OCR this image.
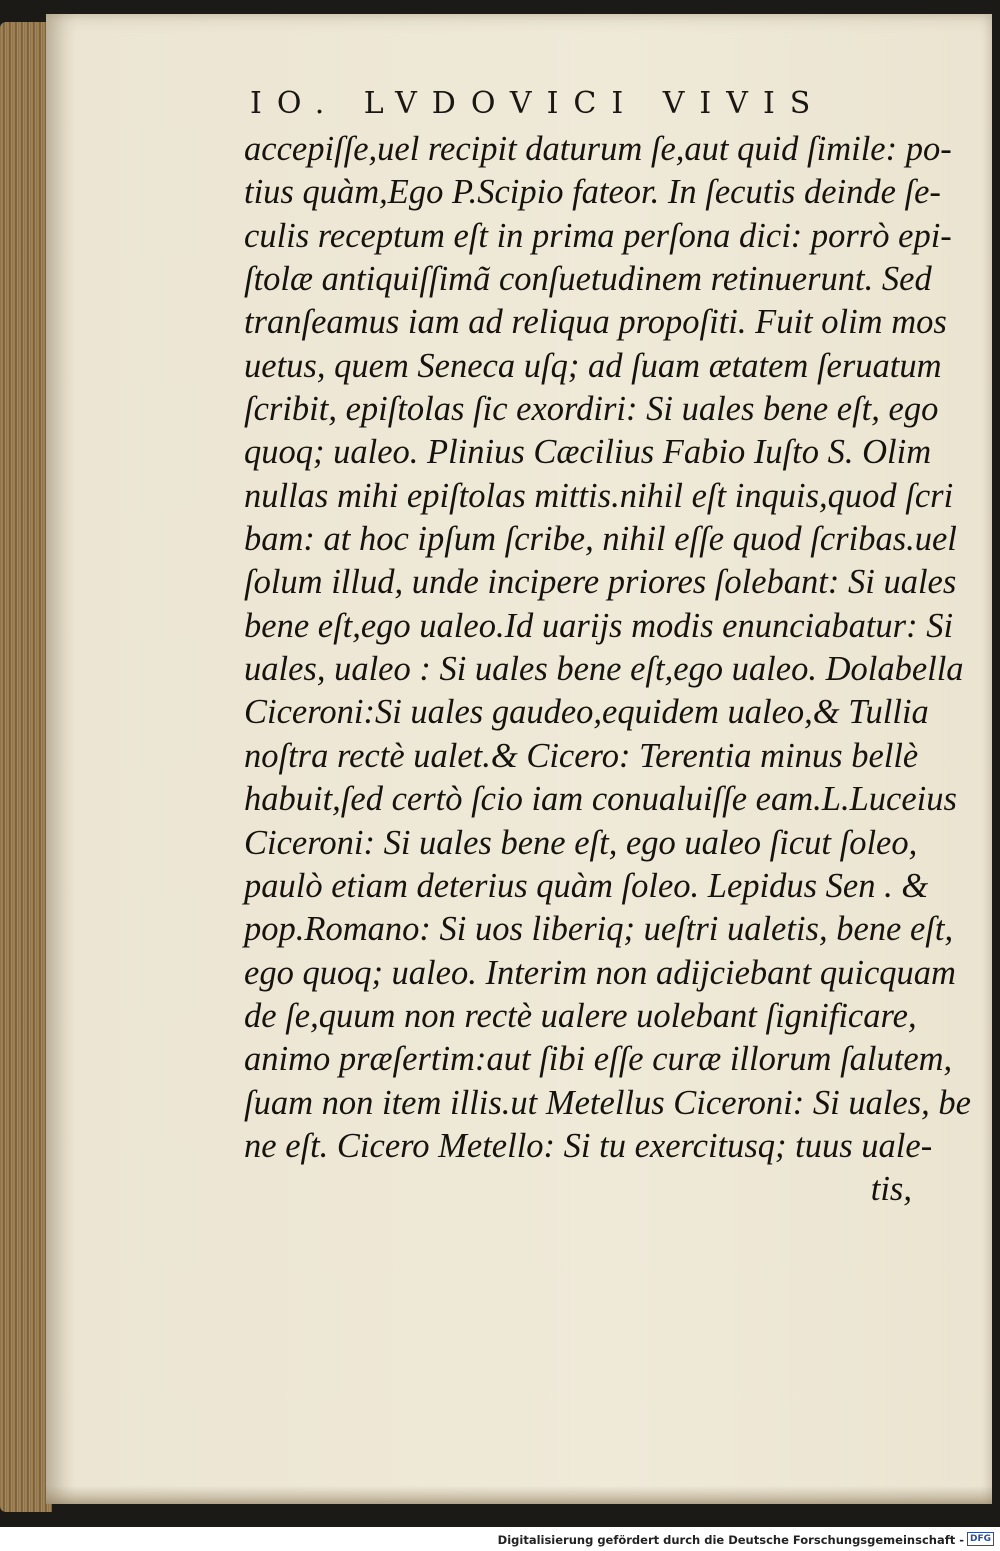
IO. LVDOVICI VIVIS
accepiſſe,uel recipit daturum ſe,aut quid ſimile: po-
tius quàm,Ego P.Scipio fateor. In ſecutis deinde ſe-
culis receptum eſt in prima perſona dici: porrò epi-
ſtolæ antiquiſſimã conſuetudinem retinuerunt. Sed
tranſeamus iam ad reliqua propoſiti. Fuit olim mos
uetus, quem Seneca uſq; ad ſuam ætatem ſeruatum
ſcribit, epiſtolas ſic exordiri: Si uales bene eſt, ego
quoq; ualeo. Plinius Cæcilius Fabio Iuſto S. Olim
nullas mihi epiſtolas mittis.nihil eſt inquis,quod ſcri
bam: at hoc ipſum ſcribe, nihil eſſe quod ſcribas.uel
ſolum illud, unde incipere priores ſolebant: Si uales
bene eſt,ego ualeo.Id uarijs modis enunciabatur: Si
uales, ualeo : Si uales bene eſt,ego ualeo. Dolabella
Ciceroni:Si uales gaudeo,equidem ualeo,& Tullia
noſtra rectè ualet.& Cicero: Terentia minus bellè
habuit,ſed certò ſcio iam conualuiſſe eam.L.Luceius
Ciceroni: Si uales bene eſt, ego ualeo ſicut ſoleo,
paulò etiam deterius quàm ſoleo. Lepidus Sen . &
pop.Romano: Si uos liberiq; ueſtri ualetis, bene eſt,
ego quoq; ualeo. Interim non adijciebant quicquam
de ſe,quum non rectè ualere uolebant ſignificare,
animo præſertim:aut ſibi eſſe curæ illorum ſalutem,
ſuam non item illis.ut Metellus Ciceroni: Si uales, be
ne eſt. Cicero Metello: Si tu exercitusq; tuus uale-
tis,
Digitalisierung gefördert durch die Deutsche Forschungsgemeinschaft - DFG
